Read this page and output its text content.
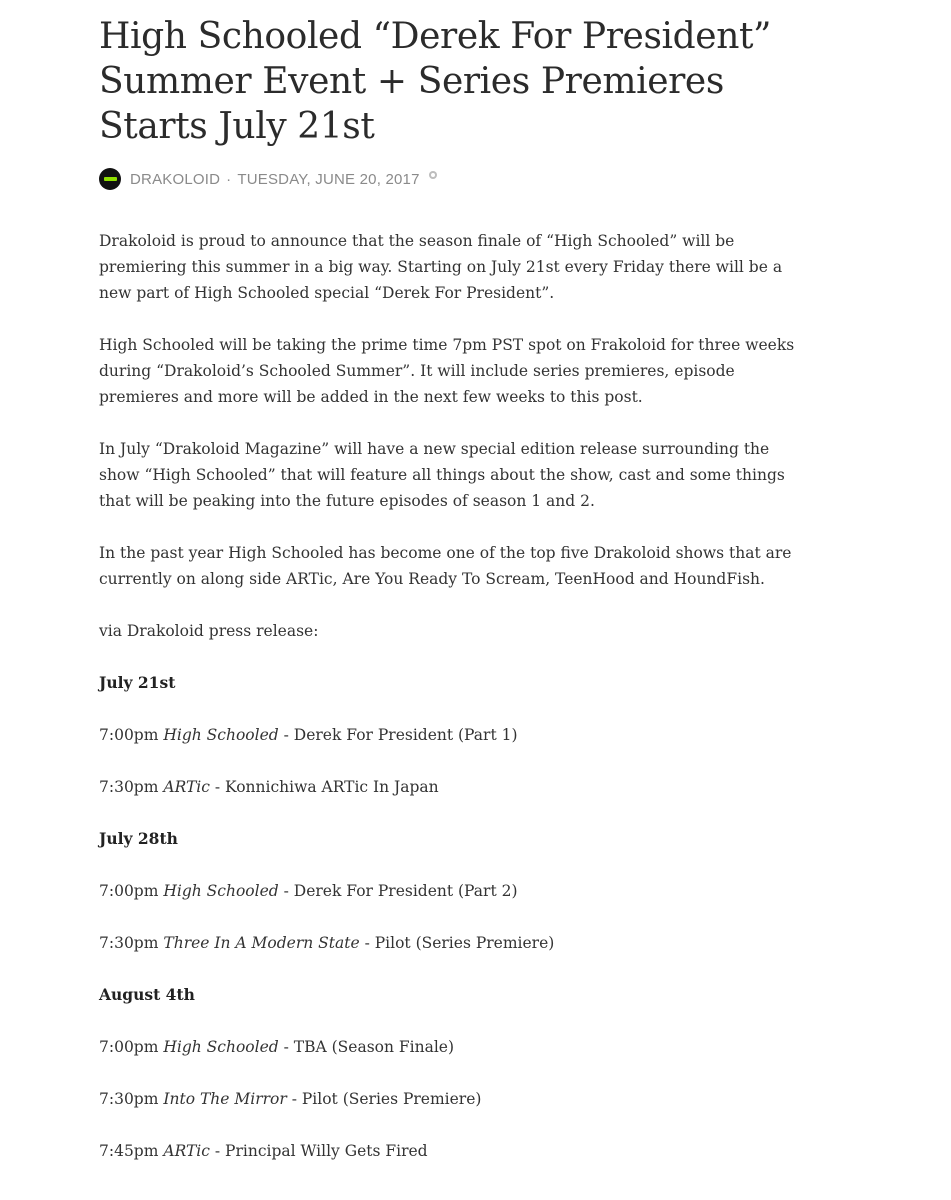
High Schooled “Derek For President” Summer Event + Series Premieres Starts July 21st
DRAKOLOID · TUESDAY, JUNE 20, 2017

Drakoloid is proud to announce that the season finale of “High Schooled” will be premiering this summer in a big way. Starting on July 21st every Friday there will be a new part of High Schooled special “Derek For President”.

High Schooled will be taking the prime time 7pm PST spot on Frakoloid for three weeks during “Drakoloid’s Schooled Summer”. It will include series premieres, episode premieres and more will be added in the next few weeks to this post.

In July “Drakoloid Magazine” will have a new special edition release surrounding the show “High Schooled” that will feature all things about the show, cast and some things that will be peaking into the future episodes of season 1 and 2.

In the past year High Schooled has become one of the top five Drakoloid shows that are currently on along side ARTic, Are You Ready To Scream, TeenHood and HoundFish.

via Drakoloid press release:

July 21st

7:00pm High Schooled - Derek For President (Part 1)

7:30pm ARTic - Konnichiwa ARTic In Japan

July 28th

7:00pm High Schooled - Derek For President (Part 2)

7:30pm Three In A Modern State - Pilot (Series Premiere)

August 4th

7:00pm High Schooled - TBA (Season Finale)

7:30pm Into The Mirror - Pilot (Series Premiere)

7:45pm ARTic - Principal Willy Gets Fired
